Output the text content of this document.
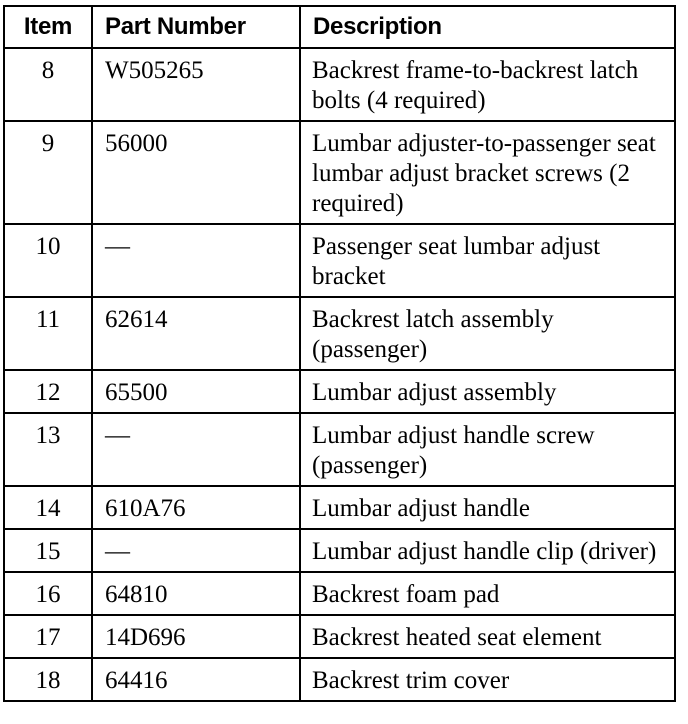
Item	Part Number	Description
8	W505265	Backrest frame-to-backrest latch bolts (4 required)
9	56000	Lumbar adjuster-to-passenger seat lumbar adjust bracket screws (2 required)
10	—	Passenger seat lumbar adjust bracket
11	62614	Backrest latch assembly (passenger)
12	65500	Lumbar adjust assembly
13	—	Lumbar adjust handle screw (passenger)
14	610A76	Lumbar adjust handle
15	—	Lumbar adjust handle clip (driver)
16	64810	Backrest foam pad
17	14D696	Backrest heated seat element
18	64416	Backrest trim cover
